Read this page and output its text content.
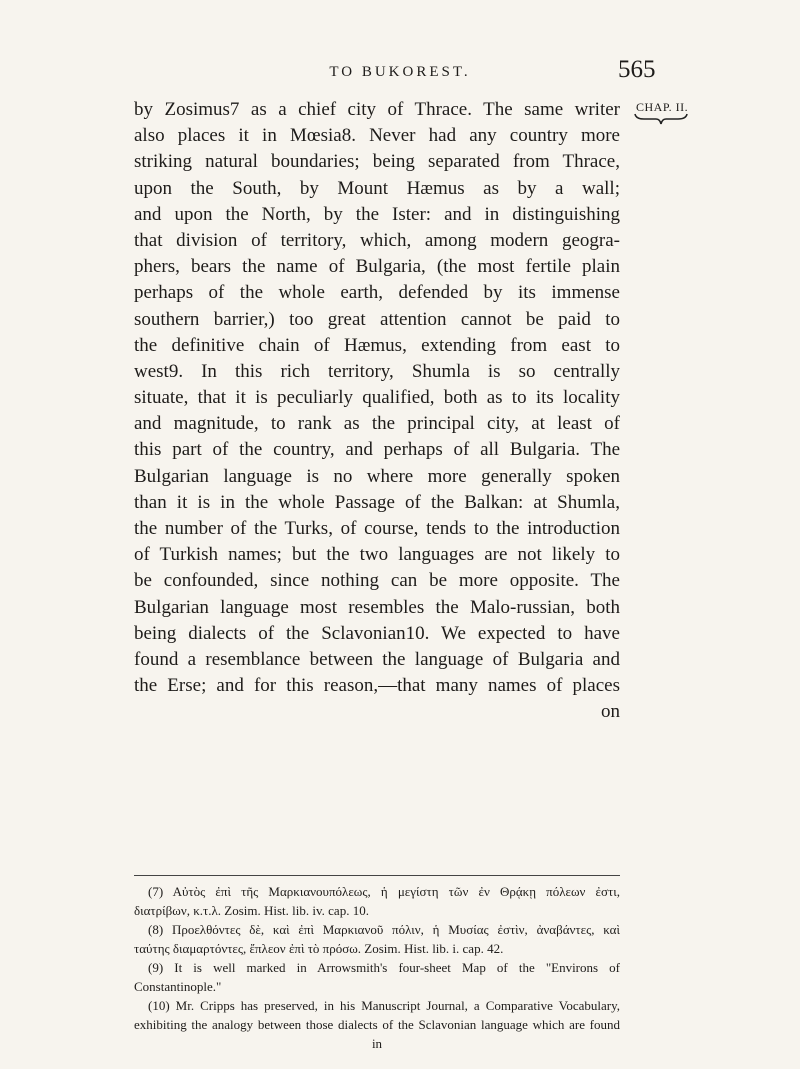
TO BUKOREST.	565
CHAP. II.
by Zosimus7 as a chief city of Thrace. The same writer
also places it in Mœsia8. Never had any country more
striking natural boundaries; being separated from Thrace,
upon the South, by Mount Hæmus as by a wall;
and upon the North, by the Ister: and in distinguishing
that division of territory, which, among modern geogra-
phers, bears the name of Bulgaria, (the most fertile plain
perhaps of the whole earth, defended by its immense
southern barrier,) too great attention cannot be paid to
the definitive chain of Hæmus, extending from east to
west9. In this rich territory, Shumla is so centrally
situate, that it is peculiarly qualified, both as to its locality
and magnitude, to rank as the principal city, at least of
this part of the country, and perhaps of all Bulgaria. The
Bulgarian language is no where more generally spoken
than it is in the whole Passage of the Balkan: at Shumla,
the number of the Turks, of course, tends to the introduction
of Turkish names; but the two languages are not likely to
be confounded, since nothing can be more opposite. The
Bulgarian language most resembles the Malo-russian, both
being dialects of the Sclavonian10. We expected to have
found a resemblance between the language of Bulgaria and
the Erse; and for this reason,—that many names of places
on
(7) Αὐτὸς ἐπὶ τῆς Μαρκιανουπόλεως, ἡ μεγίστη τῶν ἐν Θρᾴκῃ πόλεων ἐστι,
διατρίβων, κ.τ.λ. Zosim. Hist. lib. iv. cap. 10.
(8) Προελθόντες δὲ, καὶ ἐπὶ Μαρκιανοῦ πόλιν, ἡ Μυσίας ἐστὶν, ἀναβάντες, καὶ
ταύτης διαμαρτόντες, ἔπλεον ἐπὶ τὸ πρόσω. Zosim. Hist. lib. i. cap. 42.
(9) It is well marked in Arrowsmith's four-sheet Map of the "Environs of
Constantinople."
(10) Mr. Cripps has preserved, in his Manuscript Journal, a Comparative Vocabulary,
exhibiting the analogy between those dialects of the Sclavonian language which are found
in
